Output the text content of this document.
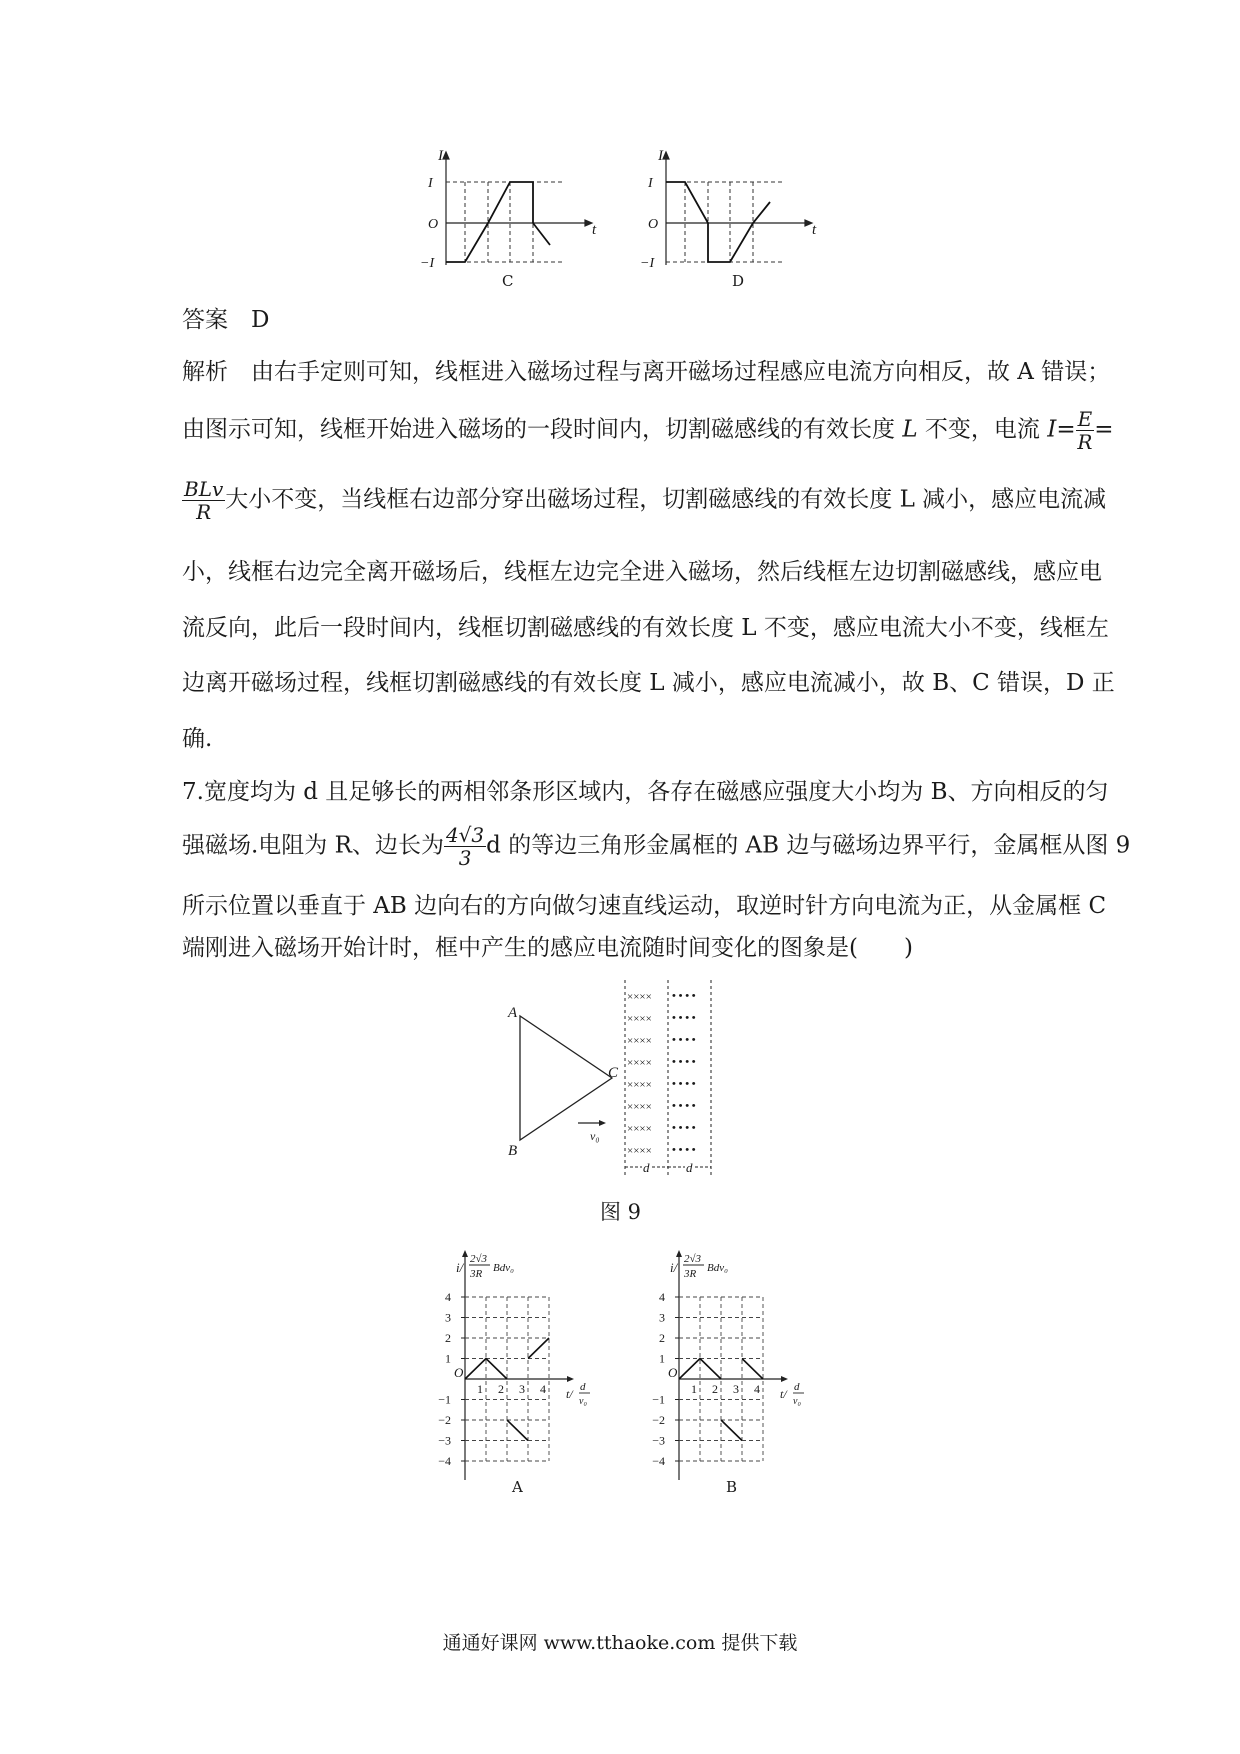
I
t
I
O
−I
C
I
t
I
O
−I
D
答案　 D
解析　 由右手定则可知，线框进入磁场过程与离开磁场过程感应电流方向相反，故 A 错误；
由图示可知，线框开始进入磁场的一段时间内，切割磁感线的有效长度 L 不变，电流 $I= \frac{E}{R}$ =
$\frac{\text{BLv}}{R}$ 大小不变，当线框右边部分穿出磁场过程，切割磁感线的有效长度 L 减小，感应电流减
小，线框右边完全离开磁场后，线框左边完全进入磁场，然后线框左边切割磁感线，感应电
流反向，此后一段时间内，线框切割磁感线的有效长度 L 不变，感应电流大小不变，线框左
边离开磁场过程，线框切割磁感线的有效长度 L 减小，感应电流减小，故 B、C 错误，D 正
确.
7.宽度均为 d 且足够长的两相邻条形区域内，各存在磁感应强度大小均为 B、方向相反的匀
强磁场.电阻为 R、边长为 $\frac{4√3}{3}$ d 的等边三角形金属框的 AB 边与磁场边界平行，金属框从图 9
所示位置以垂直于 AB 边向右的方向做匀速直线运动，取逆时针方向电流为正，从金属框 C
端刚进入磁场开始计时，框中产生的感应电流随时间变化的图象是(　　)
A
B
C
v₀
××××
××××
××××
××××
××××
××××
××××
××××
• • • •
• • • •
• • • •
• • • •
• • • •
• • • •
• • • •
• • • •
d	d
图 9
i/
2√3
3R Bdv₀
4
3
2
1
−1
−2
−3
−4
1 2 3 4
O
t/ d
v₀
A
i/
2√3
3R Bdv₀
4
3
2
1
−1
−2
−3
−4
1 2 3 4
O
t/ d
v₀
B
通通好课网 www.tthaoke.com 提供下载
